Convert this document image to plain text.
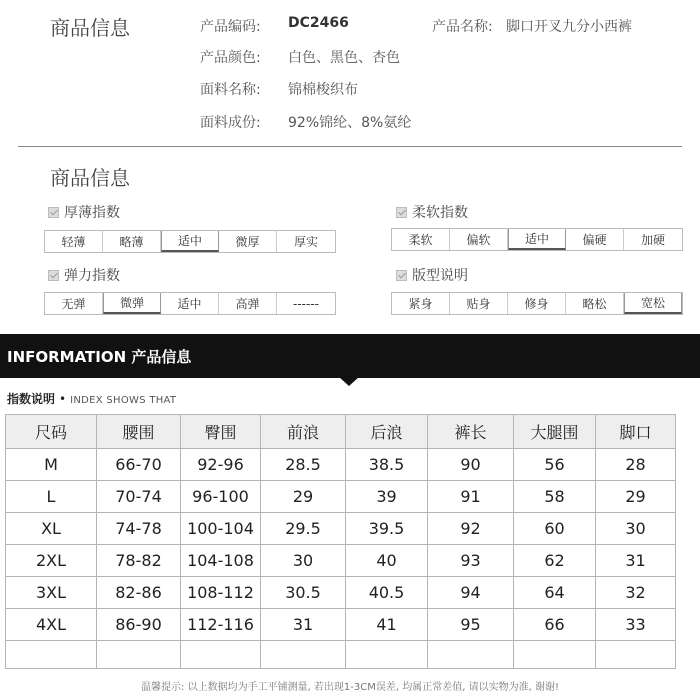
商品信息	产品编码: DC2466	产品名称: 脚口开叉九分小西裤
产品颜色: 白色、黑色、杏色
面料名称: 锦棉梭织布
面料成份: 92%锦纶、8%氨纶
商品信息
厚薄指数
轻薄	略薄	适中	微厚	厚实
柔软指数
柔软	偏软	适中	偏硬	加硬
弹力指数
无弹	微弹	适中	高弹	------
版型说明
紧身	贴身	修身	略松	宽松
INFORMATION 产品信息
指数说明 • INDEX SHOWS THAT
尺码	腰围	臀围	前浪	后浪	裤长	大腿围	脚口
M	66-70	92-96	28.5	38.5	90	56	28
L	70-74	96-100	29	39	91	58	29
XL	74-78	100-104	29.5	39.5	92	60	30
2XL	78-82	104-108	30	40	93	62	31
3XL	82-86	108-112	30.5	40.5	94	64	32
4XL	86-90	112-116	31	41	95	66	33

温馨提示: 以上数据均为手工平铺测量, 若出现1-3CM误差, 均属正常差值, 请以实物为准, 谢谢!
